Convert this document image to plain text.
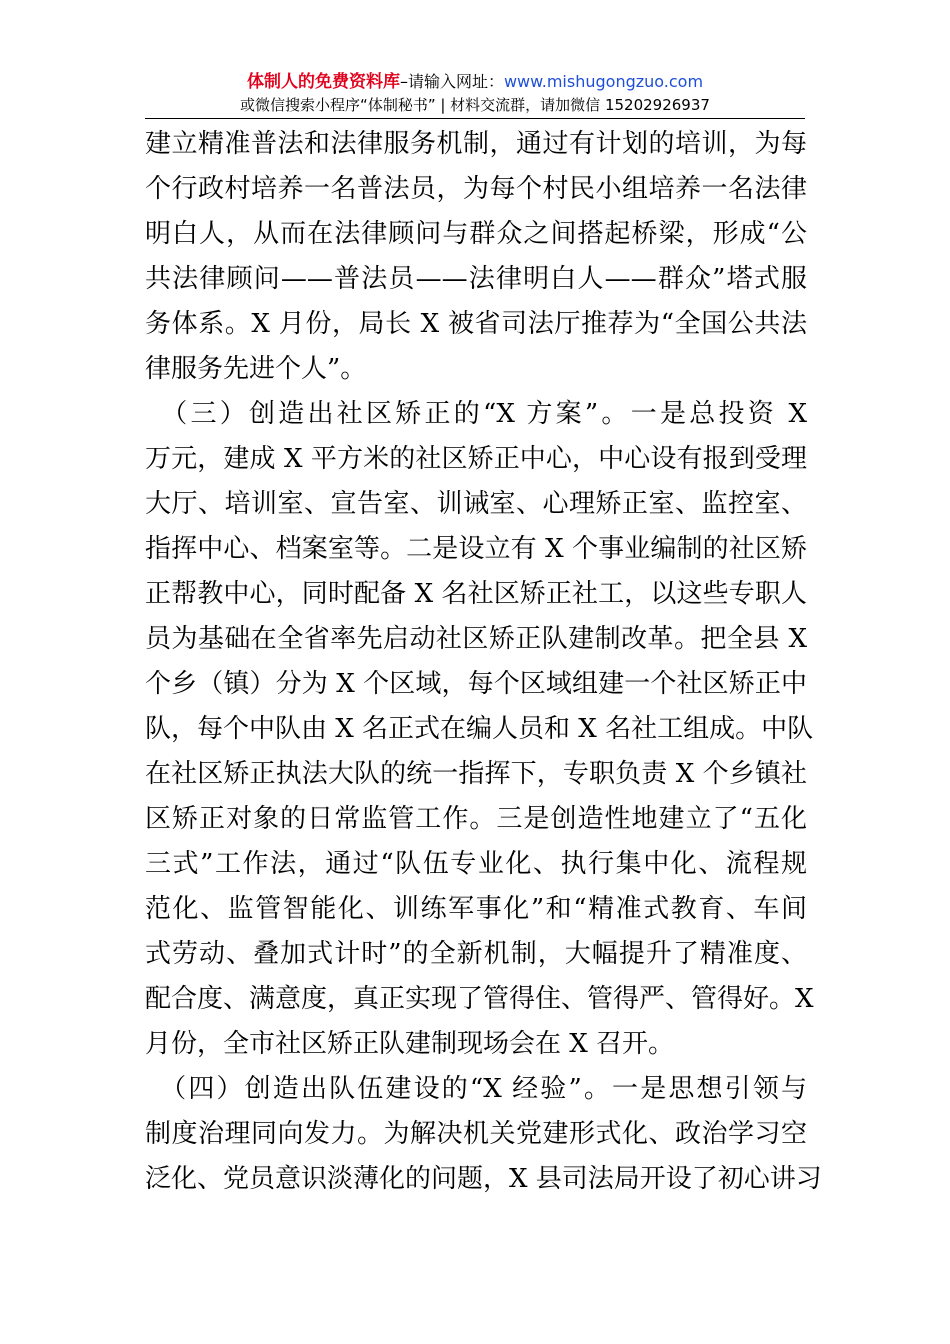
体制人的免费资料库–请输入网址：www.mishugongzuo.com
或微信搜索小程序“体制秘书” | 材料交流群，请加微信 15202926937
建立精准普法和法律服务机制，通过有计划的培训，为每
个行政村培养一名普法员，为每个村民小组培养一名法律
明白人，从而在法律顾问与群众之间搭起桥梁，形成“公
共法律顾问——普法员——法律明白人——群众”塔式服
务体系。X 月份，局长 X 被省司法厅推荐为“全国公共法
律服务先进个人”。
　（三）创造出社区矫正的“X 方案”。一是总投资 X
万元，建成 X 平方米的社区矫正中心，中心设有报到受理
大厅、培训室、宣告室、训诫室、心理矫正室、监控室、
指挥中心、档案室等。二是设立有 X 个事业编制的社区矫
正帮教中心，同时配备 X 名社区矫正社工，以这些专职人
员为基础在全省率先启动社区矫正队建制改革。把全县 X
个乡（镇）分为 X 个区域，每个区域组建一个社区矫正中
队，每个中队由 X 名正式在编人员和 X 名社工组成。中队
在社区矫正执法大队的统一指挥下，专职负责 X 个乡镇社
区矫正对象的日常监管工作。三是创造性地建立了“五化
三式”工作法，通过“队伍专业化、执行集中化、流程规
范化、监管智能化、训练军事化”和“精准式教育、车间
式劳动、叠加式计时”的全新机制，大幅提升了精准度、
配合度、满意度，真正实现了管得住、管得严、管得好。X
月份，全市社区矫正队建制现场会在 X 召开。
　（四）创造出队伍建设的“X 经验”。一是思想引领与
制度治理同向发力。为解决机关党建形式化、政治学习空
泛化、党员意识淡薄化的问题，X 县司法局开设了初心讲习
